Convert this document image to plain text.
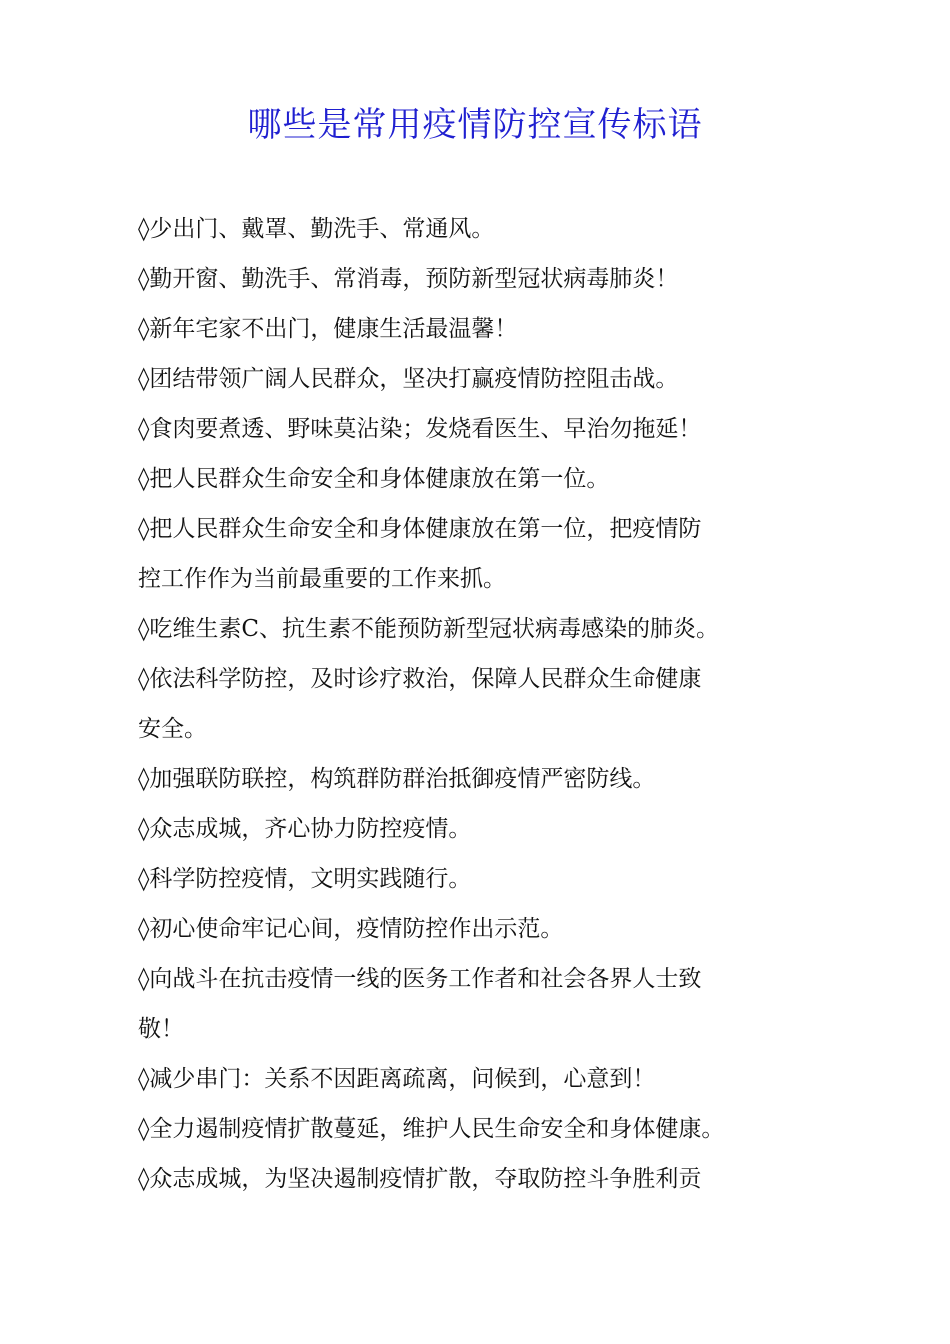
哪些是常用疫情防控宣传标语
◊少出门、戴罩、勤洗手、常通风。
◊勤开窗、勤洗手、常消毒，预防新型冠状病毒肺炎！
◊新年宅家不出门，健康生活最温馨！
◊团结带领广阔人民群众，坚决打赢疫情防控阻击战。
◊食肉要煮透、野味莫沾染；发烧看医生、早治勿拖延！
◊把人民群众生命安全和身体健康放在第一位。
◊把人民群众生命安全和身体健康放在第一位，把疫情防
控工作作为当前最重要的工作来抓。
◊吃维生素C、抗生素不能预防新型冠状病毒感染的肺炎。
◊依法科学防控，及时诊疗救治，保障人民群众生命健康
安全。
◊加强联防联控，构筑群防群治抵御疫情严密防线。
◊众志成城，齐心协力防控疫情。
◊科学防控疫情，文明实践随行。
◊初心使命牢记心间，疫情防控作出示范。
◊向战斗在抗击疫情一线的医务工作者和社会各界人士致
敬！
◊减少串门：关系不因距离疏离，问候到，心意到！
◊全力遏制疫情扩散蔓延，维护人民生命安全和身体健康。
◊众志成城，为坚决遏制疫情扩散，夺取防控斗争胜利贡
